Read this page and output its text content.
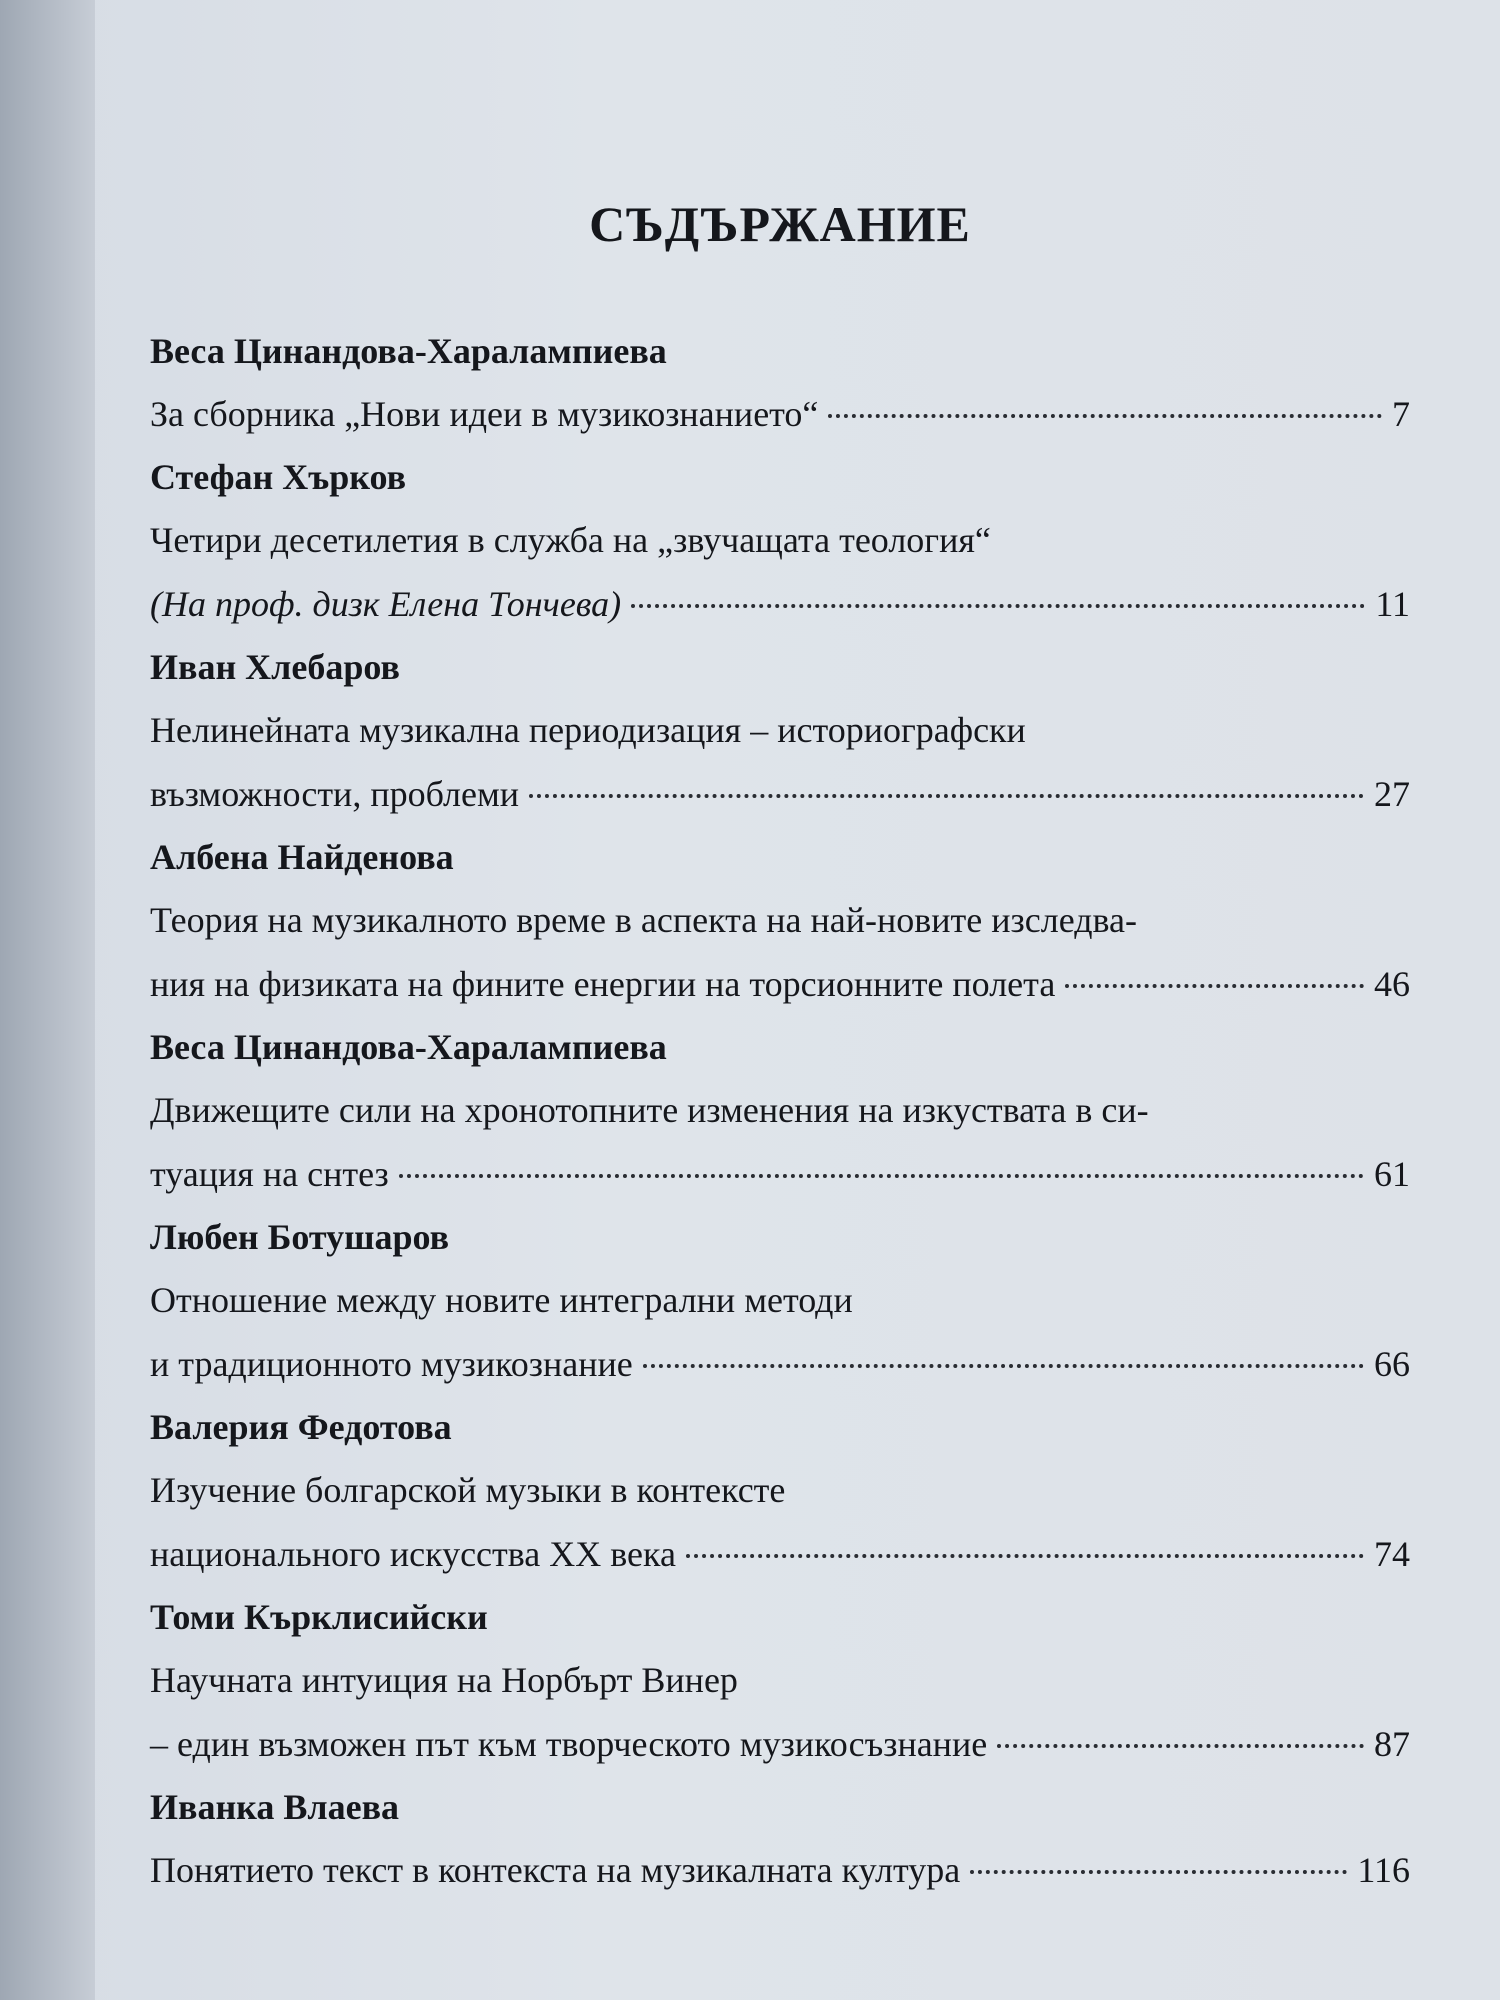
СЪДЪРЖАНИЕ
Веса Цинандова-Харалампиева
За сборника „Нови идеи в музикознанието“	7
Стефан Хърков
Четири десетилетия в служба на „звучащата теология“
(На проф. дизк Елена Тончева)	11
Иван Хлебаров
Нелинейната музикална периодизация – историографски
възможности, проблеми	27
Албена Найденова
Теория на музикалното време в аспекта на най-новите изследва-
ния на физиката на фините енергии на торсионните полета	46
Веса Цинандова-Харалампиева
Движещите сили на хронотопните изменения на изкуствата в си-
туация на снтез	61
Любен Ботушаров
Отношение между новите интегрални методи
и традиционното музикознание	66
Валерия Федотова
Изучение болгарской музыки в контексте
национального искусства XX века	74
Томи Кърклисийски
Научната интуиция на Норбърт Винер
– един възможен път към творческото музикосъзнание	87
Иванка Влаева
Понятието текст в контекста на музикалната култура	116
